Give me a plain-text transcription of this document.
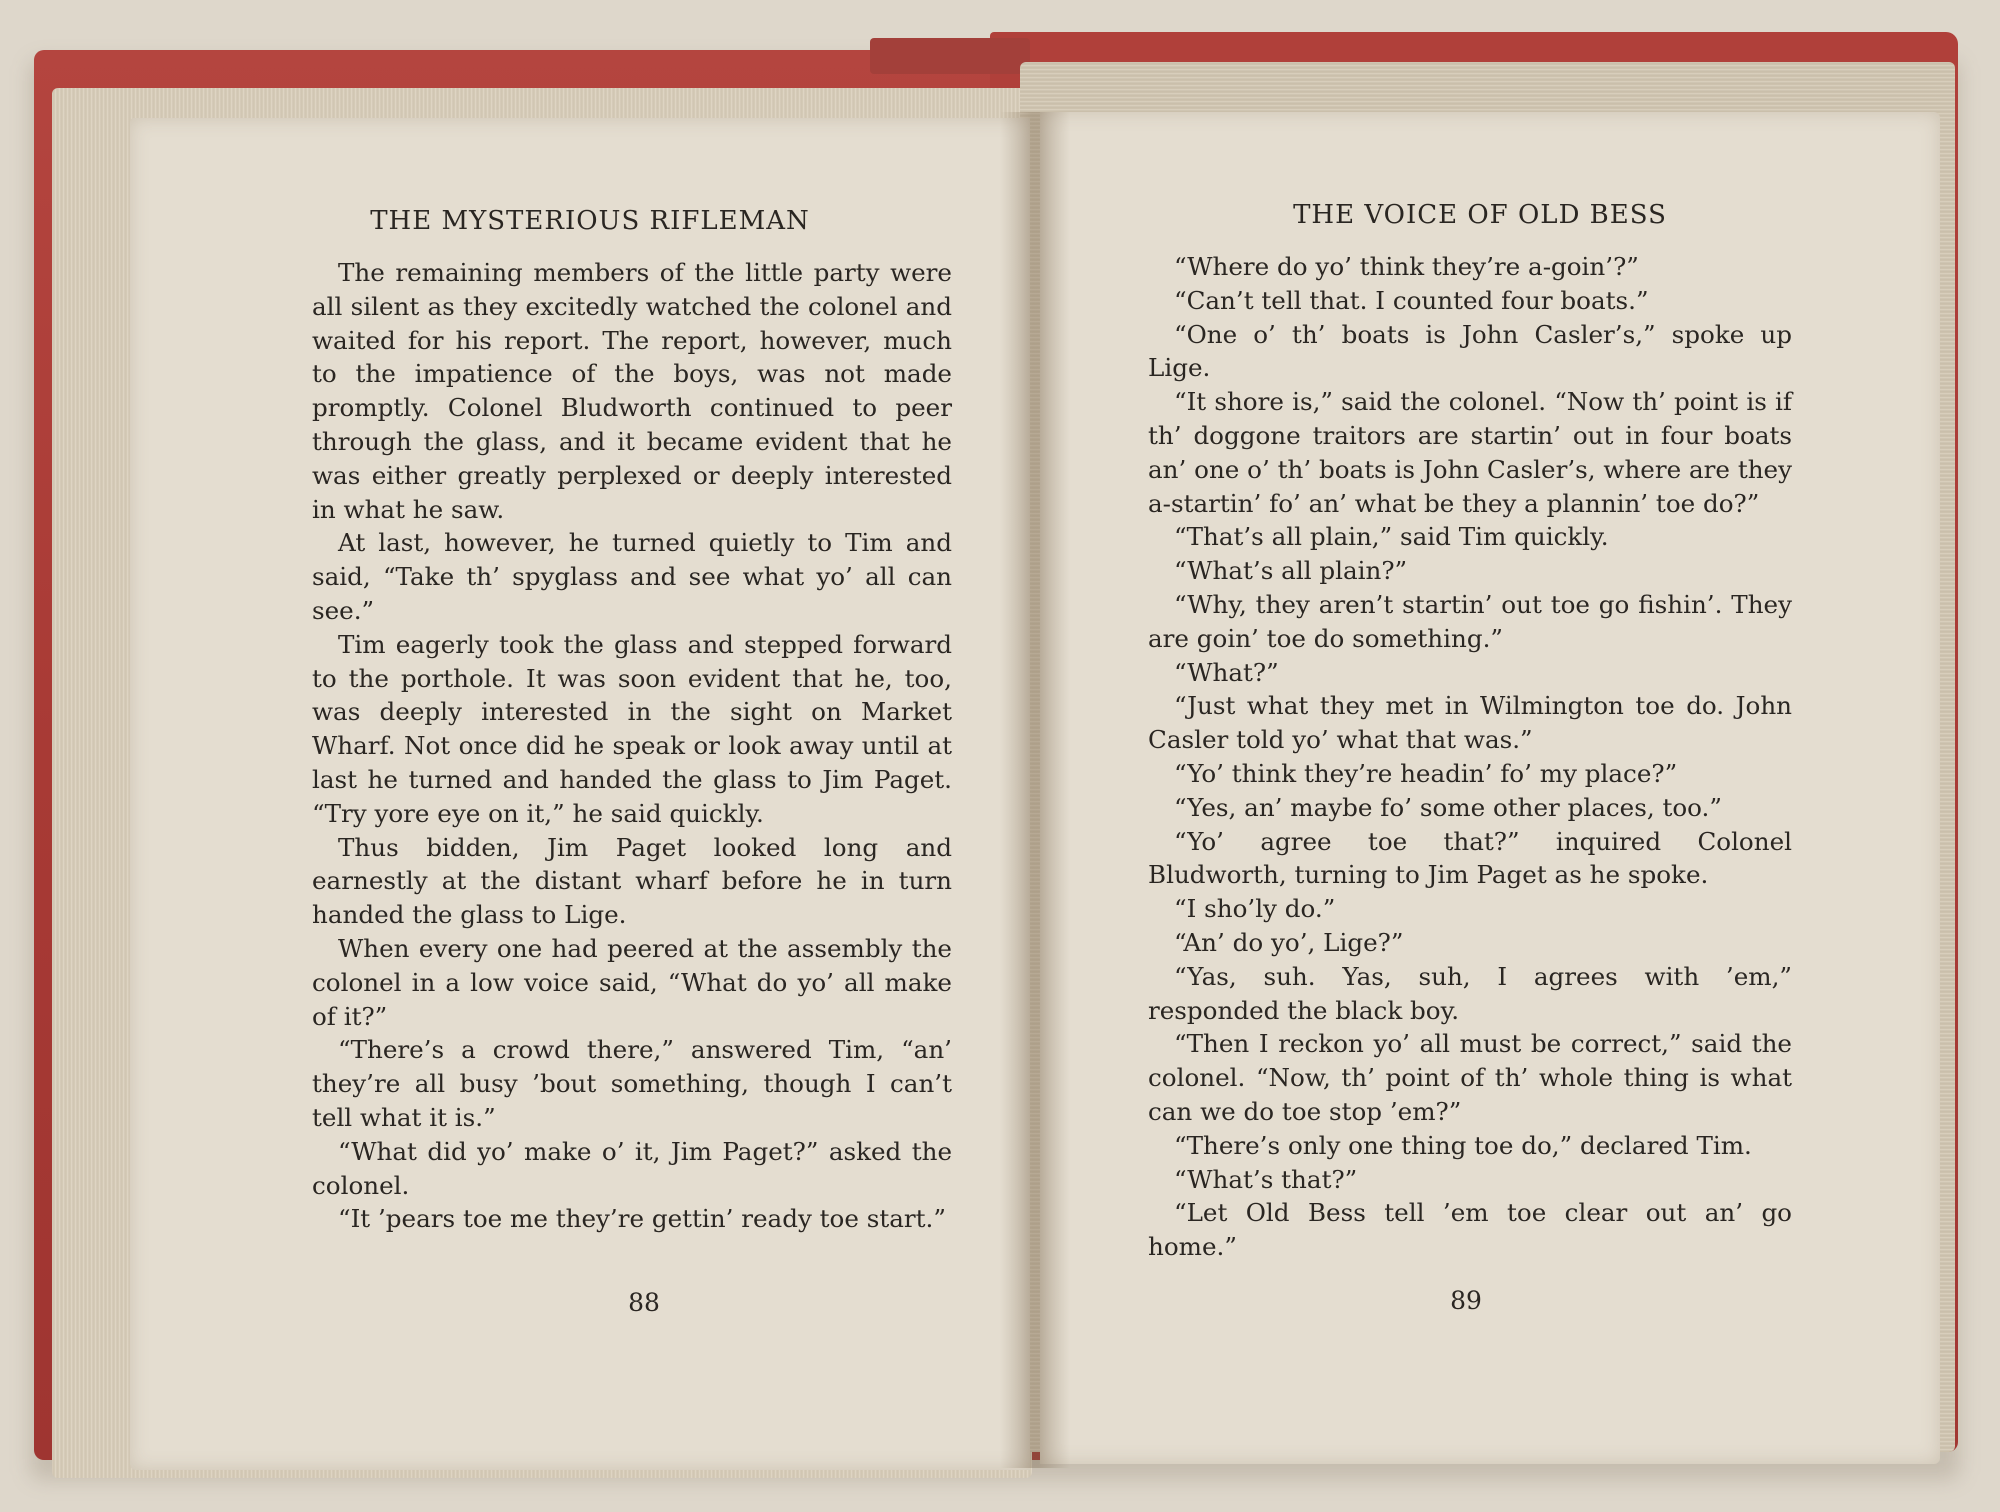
THE MYSTERIOUS RIFLEMAN

The remaining members of the little party were all silent as they excitedly watched the colonel and waited for his report. The report, however, much to the impatience of the boys, was not made promptly. Colonel Bludworth continued to peer through the glass, and it became evident that he was either greatly perplexed or deeply interested in what he saw.

At last, however, he turned quietly to Tim and said, “Take th’ spyglass and see what yo’ all can see.”

Tim eagerly took the glass and stepped forward to the porthole. It was soon evident that he, too, was deeply interested in the sight on Market Wharf. Not once did he speak or look away until at last he turned and handed the glass to Jim Paget. “Try yore eye on it,” he said quickly.

Thus bidden, Jim Paget looked long and earnestly at the distant wharf before he in turn handed the glass to Lige.

When every one had peered at the assembly the colonel in a low voice said, “What do yo’ all make of it?”

“There’s a crowd there,” answered Tim, “an’ they’re all busy ’bout something, though I can’t tell what it is.”

“What did yo’ make o’ it, Jim Paget?” asked the colonel.

“It ’pears toe me they’re gettin’ ready toe start.”

88
THE VOICE OF OLD BESS

“Where do yo’ think they’re a-goin’?”

“Can’t tell that. I counted four boats.”

“One o’ th’ boats is John Casler’s,” spoke up Lige.

“It shore is,” said the colonel. “Now th’ point is if th’ doggone traitors are startin’ out in four boats an’ one o’ th’ boats is John Casler’s, where are they a-startin’ fo’ an’ what be they a plannin’ toe do?”

“That’s all plain,” said Tim quickly.

“What’s all plain?”

“Why, they aren’t startin’ out toe go fishin’. They are goin’ toe do something.”

“What?”

“Just what they met in Wilmington toe do. John Casler told yo’ what that was.”

“Yo’ think they’re headin’ fo’ my place?”

“Yes, an’ maybe fo’ some other places, too.”

“Yo’ agree toe that?” inquired Colonel Bludworth, turning to Jim Paget as he spoke.

“I sho’ly do.”

“An’ do yo’, Lige?”

“Yas, suh. Yas, suh, I agrees with ’em,” responded the black boy.

“Then I reckon yo’ all must be correct,” said the colonel. “Now, th’ point of th’ whole thing is what can we do toe stop ’em?”

“There’s only one thing toe do,” declared Tim.

“What’s that?”

“Let Old Bess tell ’em toe clear out an’ go home.”

89
